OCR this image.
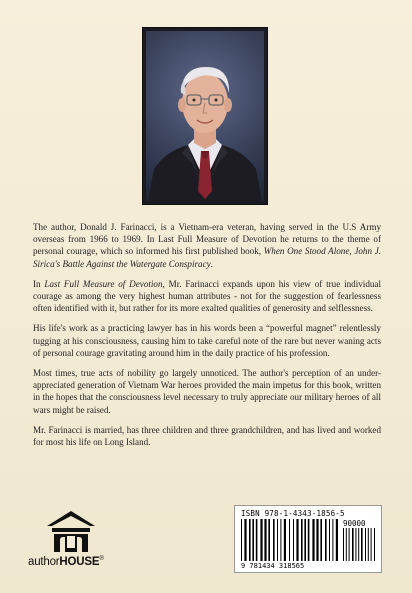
The author, Donald J. Farinacci, is a Vietnam-era veteran, having served in the U.S Army overseas from 1966 to 1969. In Last Full Measure of Devotion he returns to the theme of personal courage, which so informed his first published book, When One Stood Alone, John J. Sirica's Battle Against the Watergate Conspiracy.

In Last Full Measure of Devotion, Mr. Farinacci expands upon his view of true individual courage as among the very highest human attributes - not for the suggestion of fearlessness often identified with it, but rather for its more exalted qualities of generosity and selflessness.

His life's work as a practicing lawyer has in his words been a “powerful magnet” relentlessly tugging at his consciousness, causing him to take careful note of the rare but never waning acts of personal courage gravitating around him in the daily practice of his profession.

Most times, true acts of nobility go largely unnoticed. The author's perception of an under-appreciated generation of Vietnam War heroes provided the main impetus for this book, written in the hopes that the consciousness level necessary to truly appreciate our military heroes of all wars might be raised.

Mr. Farinacci is married, has three children and three grandchildren, and has lived and worked for most his life on Long Island.

authorHOUSE®
ISBN 978-1-4343-1856-5
90000
9 781434 318565
